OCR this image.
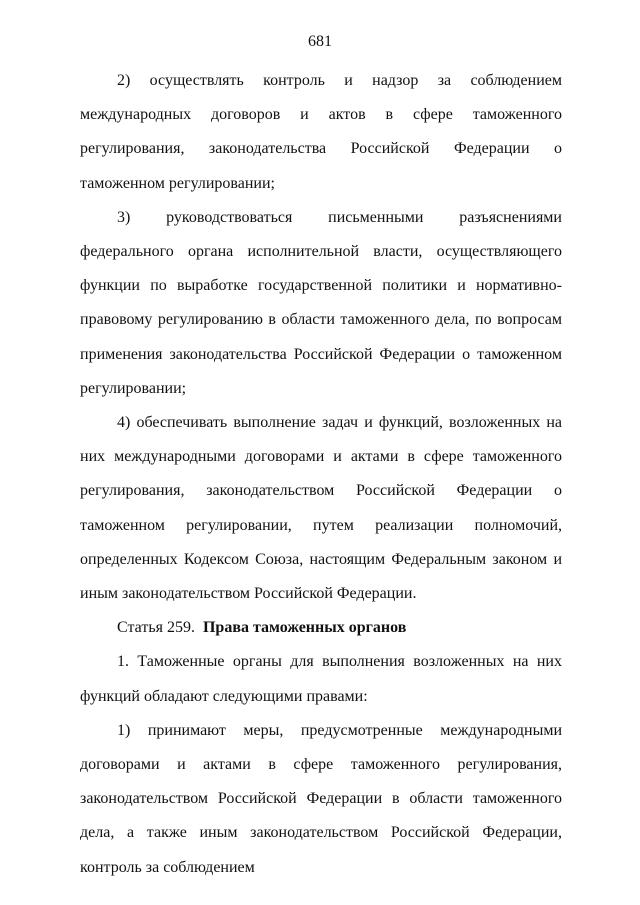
681

2) осуществлять контроль и надзор за соблюдением международных договоров и актов в сфере таможенного регулирования, законодательства Российской Федерации о таможенном регулировании;

3) руководствоваться письменными разъяснениями федерального органа исполнительной власти, осуществляющего функции по выработке государственной политики и нормативно-правовому регулированию в области таможенного дела, по вопросам применения законодательства Российской Федерации о таможенном регулировании;

4) обеспечивать выполнение задач и функций, возложенных на них международными договорами и актами в сфере таможенного регулирования, законодательством Российской Федерации о таможенном регулировании, путем реализации полномочий, определенных Кодексом Союза, настоящим Федеральным законом и иным законодательством Российской Федерации.

Статья 259. Права таможенных органов

1. Таможенные органы для выполнения возложенных на них функций обладают следующими правами:

1) принимают меры, предусмотренные международными договорами и актами в сфере таможенного регулирования, законодательством Российской Федерации в области таможенного дела, а также иным законодательством Российской Федерации, контроль за соблюдением
